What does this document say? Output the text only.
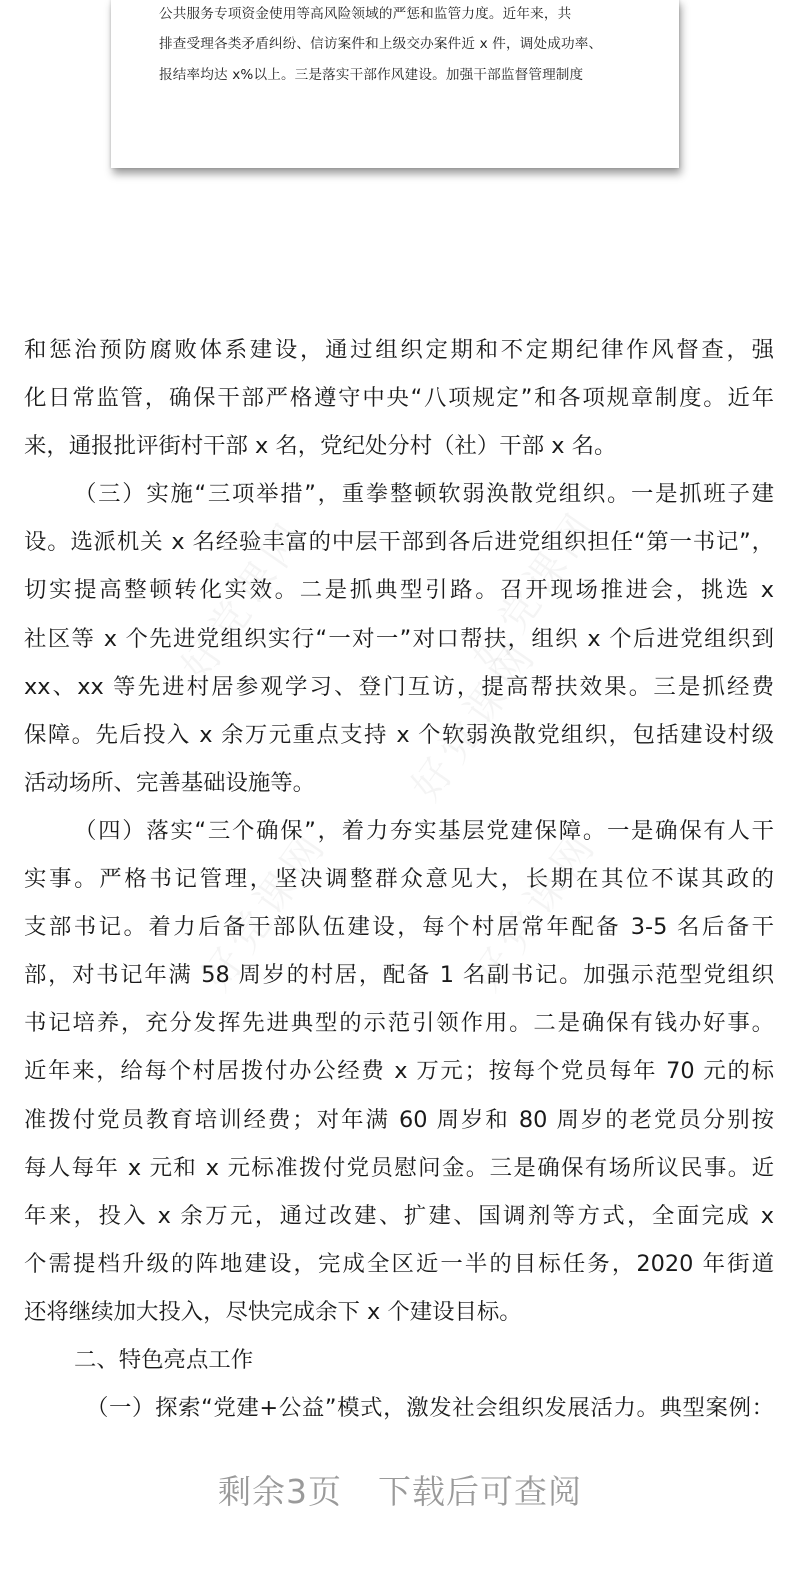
公共服务专项资金使用等高风险领域的严惩和监管力度。近年来，共
排查受理各类矛盾纠纷、信访案件和上级交办案件近 x 件，调处成功率、
报结率均达 x%以上。三是落实干部作风建设。加强干部监督管理制度
和惩治预防腐败体系建设，通过组织定期和不定期纪律作风督查，强
化日常监管，确保干部严格遵守中央“八项规定”和各项规章制度。近年
来，通报批评街村干部 x 名，党纪处分村（社）干部 x 名。
（三）实施“三项举措”，重拳整顿软弱涣散党组织。一是抓班子建
设。选派机关 x 名经验丰富的中层干部到各后进党组织担任“第一书记”，
切实提高整顿转化实效。二是抓典型引路。召开现场推进会，挑选 x
社区等 x 个先进党组织实行“一对一”对口帮扶，组织 x 个后进党组织到
xx、xx 等先进村居参观学习、登门互访，提高帮扶效果。三是抓经费
保障。先后投入 x 余万元重点支持 x 个软弱涣散党组织，包括建设村级
活动场所、完善基础设施等。
（四）落实“三个确保”，着力夯实基层党建保障。一是确保有人干
实事。严格书记管理，坚决调整群众意见大，长期在其位不谋其政的
支部书记。着力后备干部队伍建设，每个村居常年配备 3-5 名后备干
部，对书记年满 58 周岁的村居，配备 1 名副书记。加强示范型党组织
书记培养，充分发挥先进典型的示范引领作用。二是确保有钱办好事。
近年来，给每个村居拨付办公经费 x 万元；按每个党员每年 70 元的标
准拨付党员教育培训经费；对年满 60 周岁和 80 周岁的老党员分别按
每人每年 x 元和 x 元标准拨付党员慰问金。三是确保有场所议民事。近
年来，投入 x 余万元，通过改建、扩建、国调剂等方式，全面完成 x
个需提档升级的阵地建设，完成全区近一半的目标任务，2020 年街道
还将继续加大投入，尽快完成余下 x 个建设目标。
二、特色亮点工作
（一）探索“党建+公益”模式，激发社会组织发展活力。典型案例：
剩余3页 下载后可查阅
